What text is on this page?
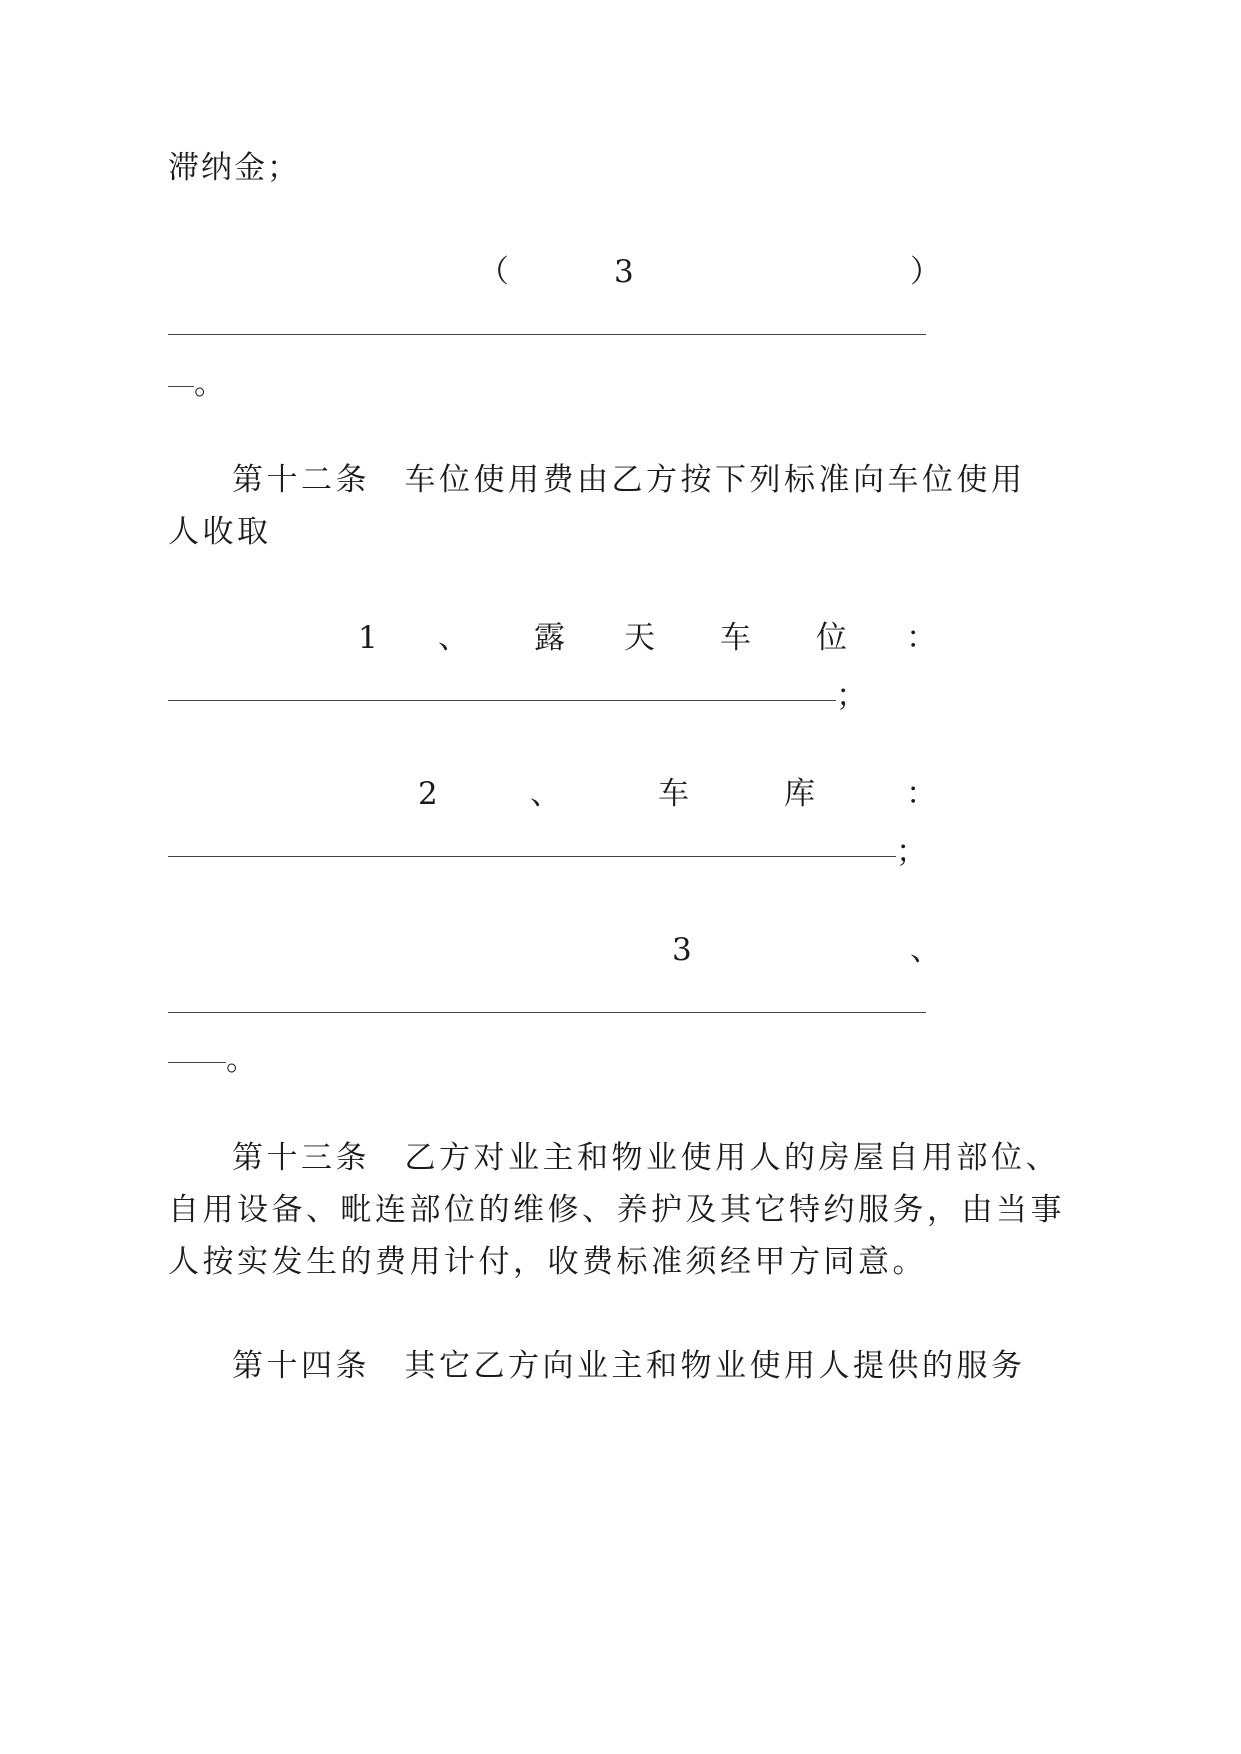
滞纳金；
（	3	）
。
第十二条　车位使用费由乙方按下列标准向车位使用
人收取
1 、 露 天 车 位 ：
；
2	、	车	库	：
；
3	、
。
第十三条　乙方对业主和物业使用人的房屋自用部位、
自用设备、毗连部位的维修、养护及其它特约服务，由当事
人按实发生的费用计付，收费标准须经甲方同意。
第十四条　其它乙方向业主和物业使用人提供的服务
